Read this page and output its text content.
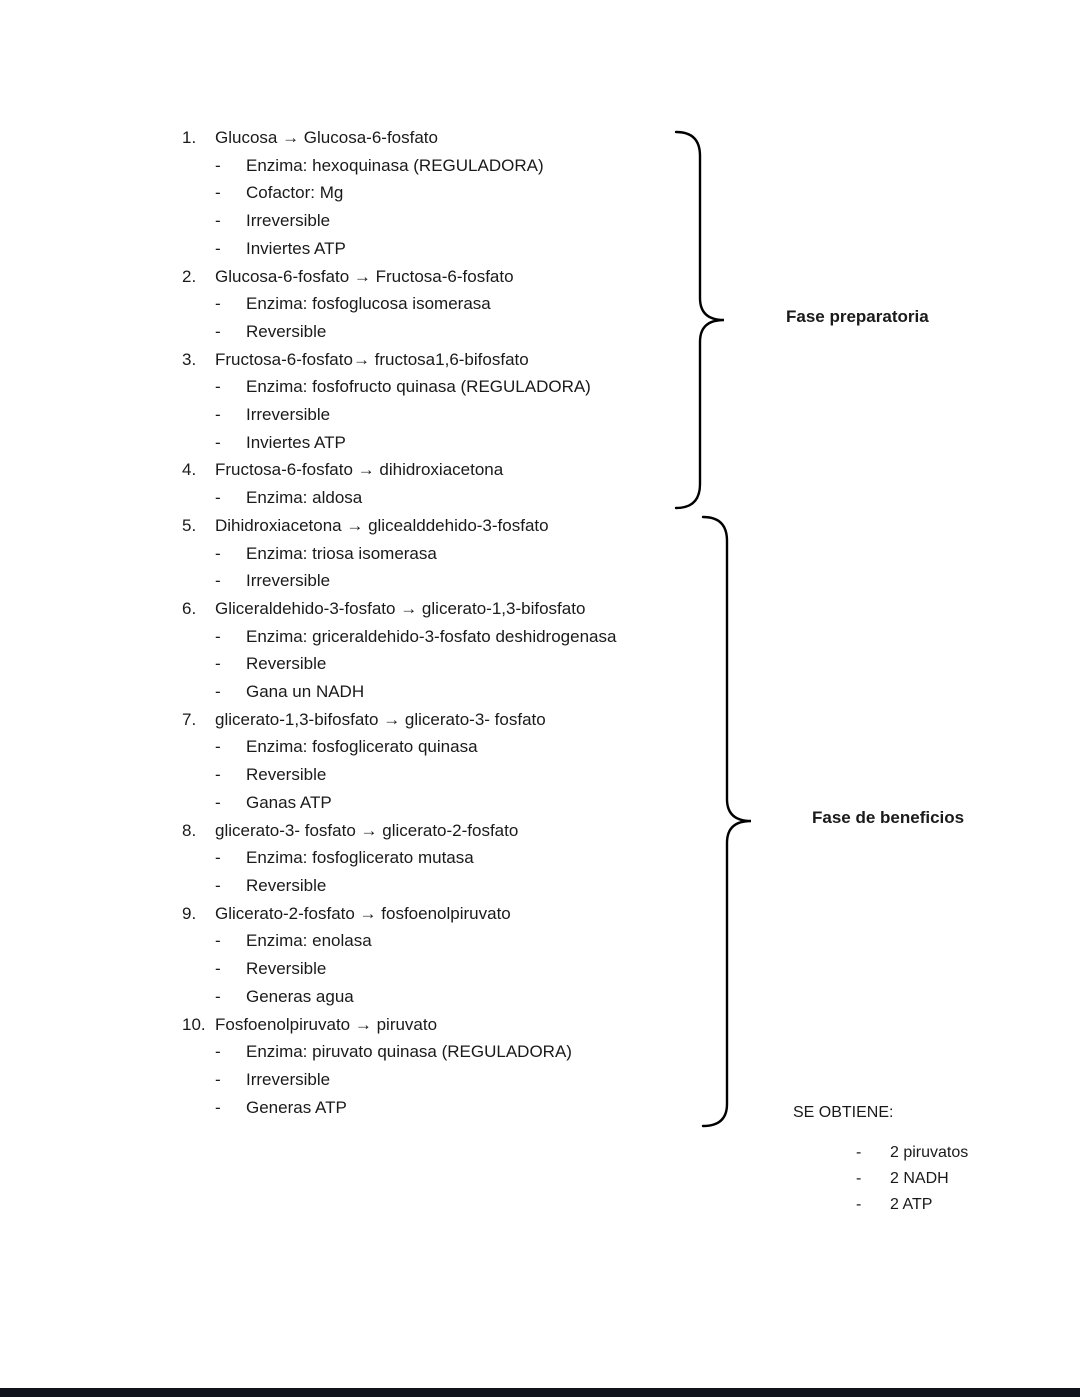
1.	Glucosa → Glucosa-6-fosfato
-	Enzima: hexoquinasa (REGULADORA)
-	Cofactor: Mg
-	Irreversible
-	Inviertes ATP
2.	Glucosa-6-fosfato → Fructosa-6-fosfato
-	Enzima: fosfoglucosa isomerasa
-	Reversible
3.	Fructosa-6-fosfato→ fructosa1,6-bifosfato
-	Enzima: fosfofructo quinasa (REGULADORA)
-	Irreversible
-	Inviertes ATP
4.	Fructosa-6-fosfato → dihidroxiacetona
-	Enzima: aldosa
5.	Dihidroxiacetona → glicealddehido-3-fosfato
-	Enzima: triosa isomerasa
-	Irreversible
6.	Gliceraldehido-3-fosfato → glicerato-1,3-bifosfato
-	Enzima: griceraldehido-3-fosfato deshidrogenasa
-	Reversible
-	Gana un NADH
7.	glicerato-1,3-bifosfato → glicerato-3- fosfato
-	Enzima: fosfoglicerato quinasa
-	Reversible
-	Ganas ATP
8.	glicerato-3- fosfato → glicerato-2-fosfato
-	Enzima: fosfoglicerato mutasa
-	Reversible
9.	Glicerato-2-fosfato → fosfoenolpiruvato
-	Enzima: enolasa
-	Reversible
-	Generas agua
10. Fosfoenolpiruvato → piruvato
-	Enzima: piruvato quinasa (REGULADORA)
-	Irreversible
-	Generas ATP
Fase preparatoria
Fase de beneficios
SE OBTIENE:
-	2 piruvatos
-	2 NADH
-	2 ATP
